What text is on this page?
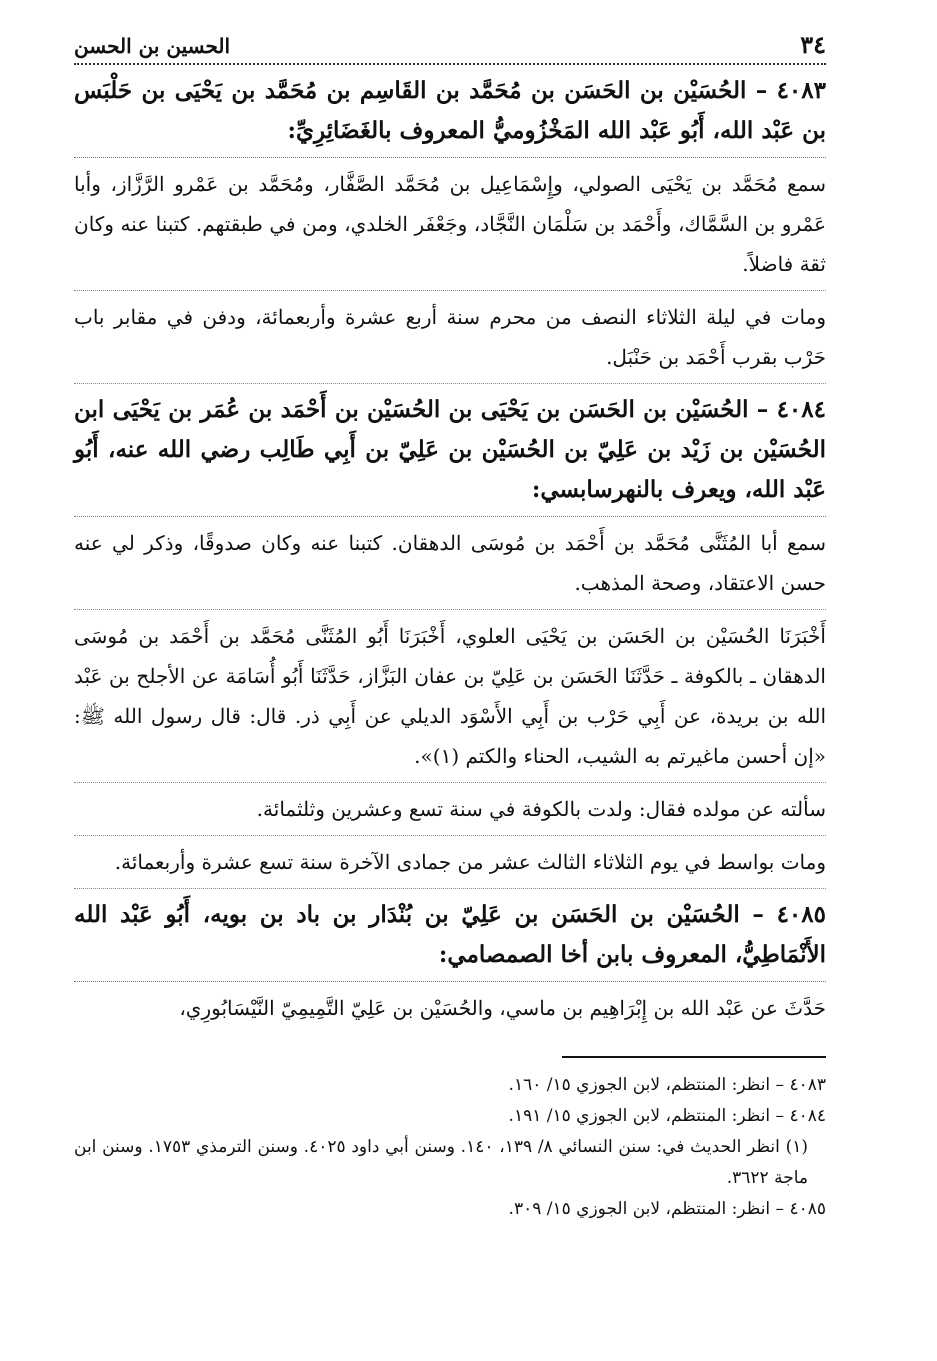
٣٤
الحسين بن الحسن
٤٠٨٣ – الحُسَيْن بن الحَسَن بن مُحَمَّد بن القَاسِم بن مُحَمَّد بن يَحْيَى بن حَلْبَس بن عَبْد الله، أَبُو عَبْد الله المَخْزُوميُّ المعروف بالغَضَائِرِيِّ:

سمع مُحَمَّد بن يَحْيَى الصولي، وإِسْمَاعِيل بن مُحَمَّد الصَّفَّار، ومُحَمَّد بن عَمْرو الرَّزَّاز، وأبا عَمْرو بن السَّمَّاك، وأَحْمَد بن سَلْمَان النَّجَّاد، وجَعْفَر الخلدي، ومن في طبقتهم. كتبنا عنه وكان ثقة فاضلاً.

ومات في ليلة الثلاثاء النصف من محرم سنة أربع عشرة وأربعمائة، ودفن في مقابر باب حَرْب بقرب أَحْمَد بن حَنْبَل.

٤٠٨٤ – الحُسَيْن بن الحَسَن بن يَحْيَى بن الحُسَيْن بن أَحْمَد بن عُمَر بن يَحْيَى ابن الحُسَيْن بن زَيْد بن عَلِيّ بن الحُسَيْن بن عَلِيّ بن أَبِي طَالِب رضي الله عنه، أَبُو عَبْد الله، ويعرف بالنهرسابسي:

سمع أبا المُثَنَّى مُحَمَّد بن أَحْمَد بن مُوسَى الدهقان. كتبنا عنه وكان صدوقًا، وذكر لي عنه حسن الاعتقاد، وصحة المذهب.

أَخْبَرَنَا الحُسَيْن بن الحَسَن بن يَحْيَى العلوي، أَخْبَرَنَا أَبُو المُثَنَّى مُحَمَّد بن أَحْمَد بن مُوسَى الدهقان ـ بالكوفة ـ حَدَّثَنَا الحَسَن بن عَلِيّ بن عفان البَزَّاز، حَدَّثَنَا أَبُو أُسَامَة عن الأجلح بن عَبْد الله بن بريدة، عن أَبِي حَرْب بن أَبِي الأَسْوَد الديلي عن أَبِي ذر. قال: قال رسول الله ﷺ: «إن أحسن ماغيرتم به الشيب، الحناء والكتم (١)».

سألته عن مولده فقال: ولدت بالكوفة في سنة تسع وعشرين وثلثمائة.

ومات بواسط في يوم الثلاثاء الثالث عشر من جمادى الآخرة سنة تسع عشرة وأربعمائة.

٤٠٨٥ – الحُسَيْن بن الحَسَن بن عَلِيّ بن بُنْدَار بن باد بن بويه، أَبُو عَبْد الله الأَنْمَاطِيُّ، المعروف بابن أخا الصمصامي:

حَدَّثَ عن عَبْد الله بن إِبْرَاهِيم بن ماسي، والحُسَيْن بن عَلِيّ التَّمِيمِيّ النَّيْسَابُورِي،

٤٠٨٣ – انظر: المنتظم، لابن الجوزي ١٥/ ١٦٠.
٤٠٨٤ – انظر: المنتظم، لابن الجوزي ١٥/ ١٩١.
(١) انظر الحديث في: سنن النسائي ٨/ ١٣٩، ١٤٠. وسنن أبي داود ٤٠٢٥. وسنن الترمذي ١٧٥٣. وسنن ابن ماجة ٣٦٢٢.
٤٠٨٥ – انظر: المنتظم، لابن الجوزي ١٥/ ٣٠٩.
